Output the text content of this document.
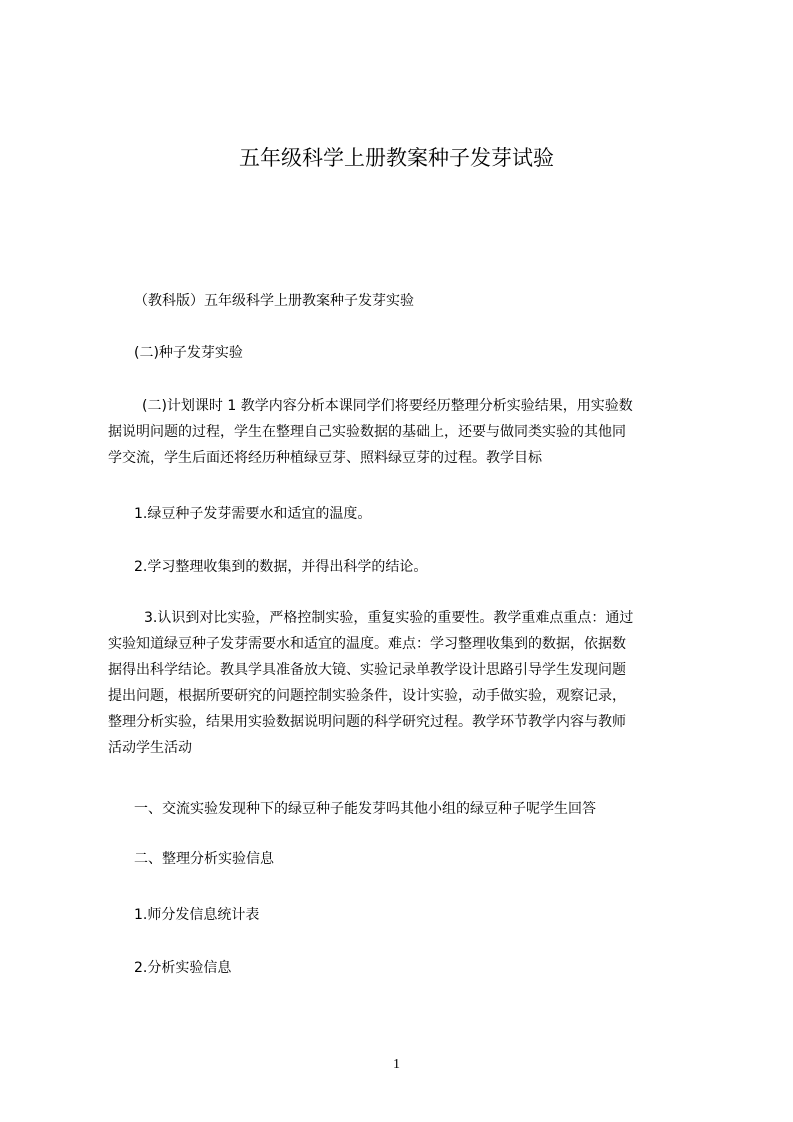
五年级科学上册教案种子发芽试验
（教科版）五年级科学上册教案种子发芽实验
(二)种子发芽实验
(二)计划课时 1 教学内容分析本课同学们将要经历整理分析实验结果，用实验数
据说明问题的过程，学生在整理自己实验数据的基础上，还要与做同类实验的其他同
学交流，学生后面还将经历种植绿豆芽、照料绿豆芽的过程。教学目标
1.绿豆种子发芽需要水和适宜的温度。
2.学习整理收集到的数据，并得出科学的结论。
3.认识到对比实验，严格控制实验，重复实验的重要性。教学重难点重点：通过
实验知道绿豆种子发芽需要水和适宜的温度。难点：学习整理收集到的数据，依据数
据得出科学结论。教具学具准备放大镜、实验记录单教学设计思路引导学生发现问题
提出问题，根据所要研究的问题控制实验条件，设计实验，动手做实验，观察记录，
整理分析实验，结果用实验数据说明问题的科学研究过程。教学环节教学内容与教师
活动学生活动
一、交流实验发现种下的绿豆种子能发芽吗其他小组的绿豆种子呢学生回答
二、整理分析实验信息
1.师分发信息统计表
2.分析实验信息
1
